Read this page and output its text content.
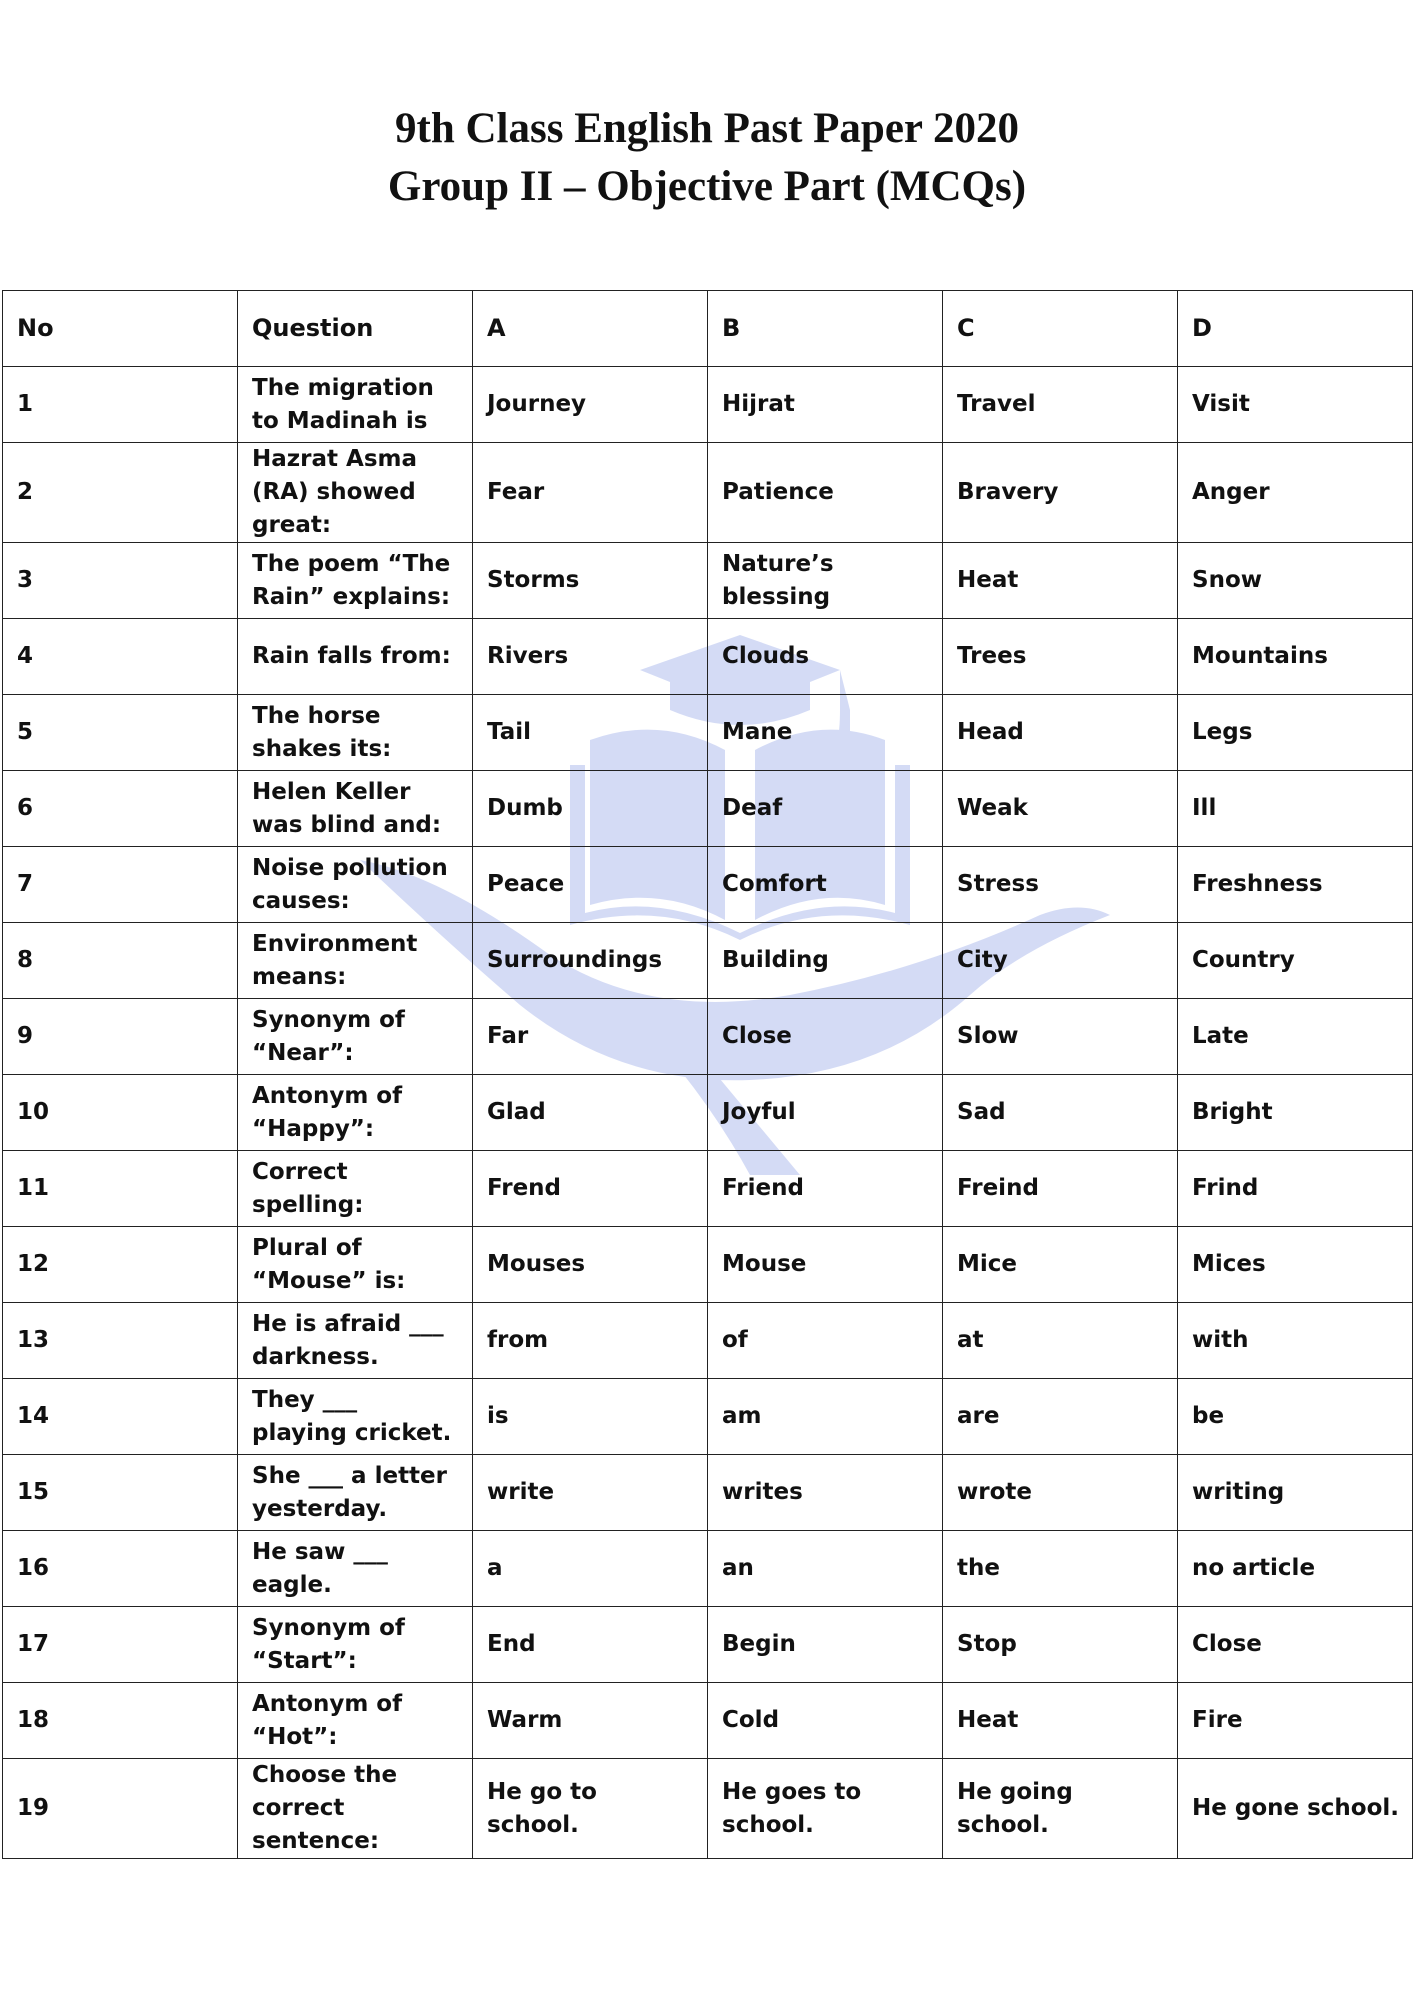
9th Class English Past Paper 2020
Group II – Objective Part (MCQs)
No	Question	A	B	C	D
1	The migration to Madinah is	Journey	Hijrat	Travel	Visit
2	Hazrat Asma (RA) showed great:	Fear	Patience	Bravery	Anger
3	The poem “The Rain” explains:	Storms	Nature’s blessing	Heat	Snow
4	Rain falls from:	Rivers	Clouds	Trees	Mountains
5	The horse shakes its:	Tail	Mane	Head	Legs
6	Helen Keller was blind and:	Dumb	Deaf	Weak	Ill
7	Noise pollution causes:	Peace	Comfort	Stress	Freshness
8	Environment means:	Surroundings	Building	City	Country
9	Synonym of “Near”:	Far	Close	Slow	Late
10	Antonym of “Happy”:	Glad	Joyful	Sad	Bright
11	Correct spelling:	Frend	Friend	Freind	Frind
12	Plural of “Mouse” is:	Mouses	Mouse	Mice	Mices
13	He is afraid ___ darkness.	from	of	at	with
14	They ___ playing cricket.	is	am	are	be
15	She ___ a letter yesterday.	write	writes	wrote	writing
16	He saw ___ eagle.	a	an	the	no article
17	Synonym of “Start”:	End	Begin	Stop	Close
18	Antonym of “Hot”:	Warm	Cold	Heat	Fire
19	Choose the correct sentence:	He go to school.	He goes to school.	He going school.	He gone school.
